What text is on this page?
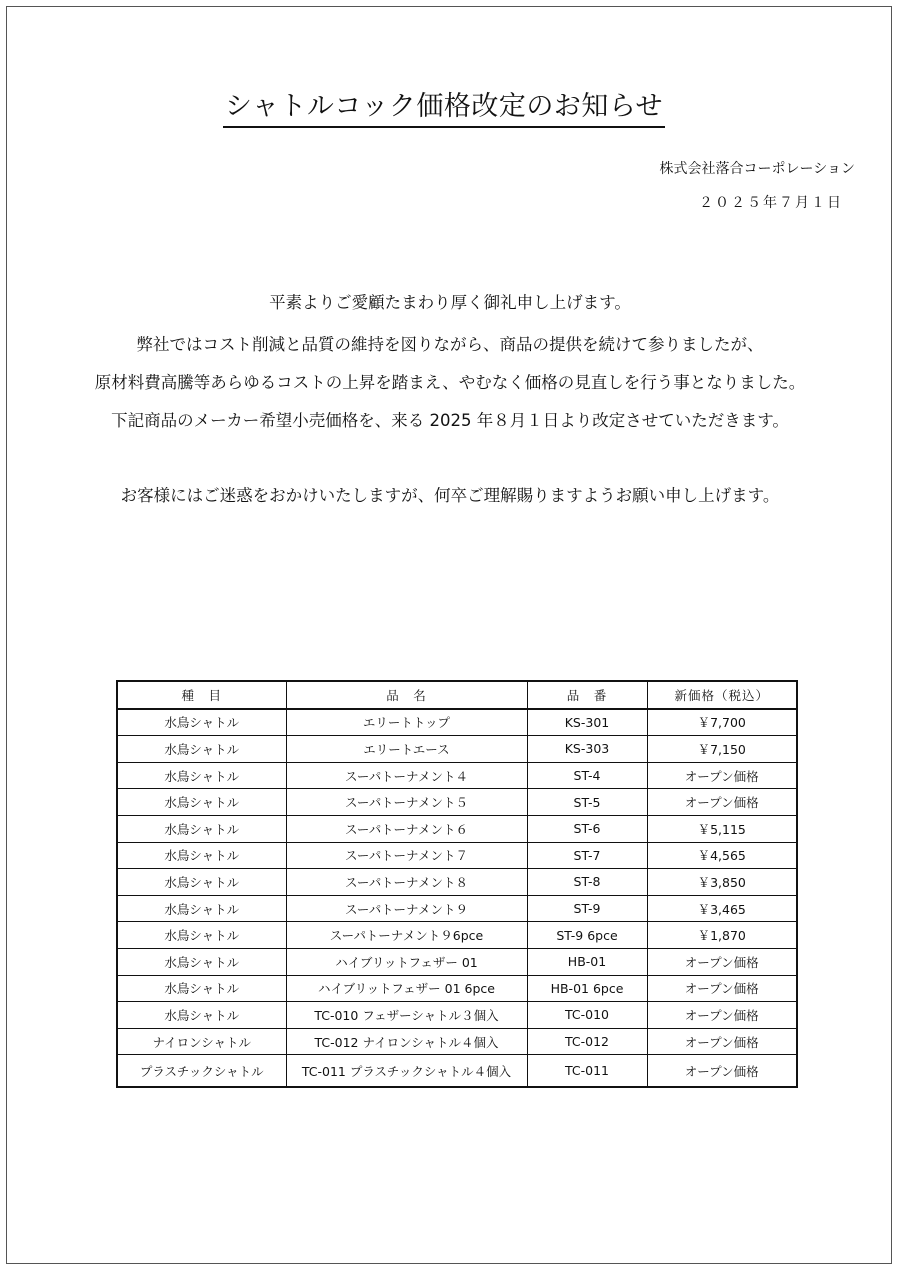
シャトルコック価格改定のお知らせ
株式会社落合コーポレーション
２０２５年７月１日
平素よりご愛顧たまわり厚く御礼申し上げます。
弊社ではコスト削減と品質の維持を図りながら、商品の提供を続けて参りましたが、
原材料費高騰等あらゆるコストの上昇を踏まえ、やむなく価格の見直しを行う事となりました。
下記商品のメーカー希望小売価格を、来る 2025 年８月１日より改定させていただきます。
お客様にはご迷惑をおかけいたしますが、何卒ご理解賜りますようお願い申し上げます。
種　目	品　名	品　番	新価格（税込）
水鳥シャトル	エリートトップ	KS-301	￥7,700
水鳥シャトル	エリートエース	KS-303	￥7,150
水鳥シャトル	スーパトーナメント４	ST-4	オープン価格
水鳥シャトル	スーパトーナメント５	ST-5	オープン価格
水鳥シャトル	スーパトーナメント６	ST-6	￥5,115
水鳥シャトル	スーパトーナメント７	ST-7	￥4,565
水鳥シャトル	スーパトーナメント８	ST-8	￥3,850
水鳥シャトル	スーパトーナメント９	ST-9	￥3,465
水鳥シャトル	スーパトーナメント９6pce	ST-9 6pce	￥1,870
水鳥シャトル	ハイブリットフェザー 01	HB-01	オープン価格
水鳥シャトル	ハイブリットフェザー 01 6pce	HB-01 6pce	オープン価格
水鳥シャトル	TC-010 フェザーシャトル３個入	TC-010	オープン価格
ナイロンシャトル	TC-012 ナイロンシャトル４個入	TC-012	オープン価格
プラスチックシャトル	TC-011 プラスチックシャトル４個入	TC-011	オープン価格
